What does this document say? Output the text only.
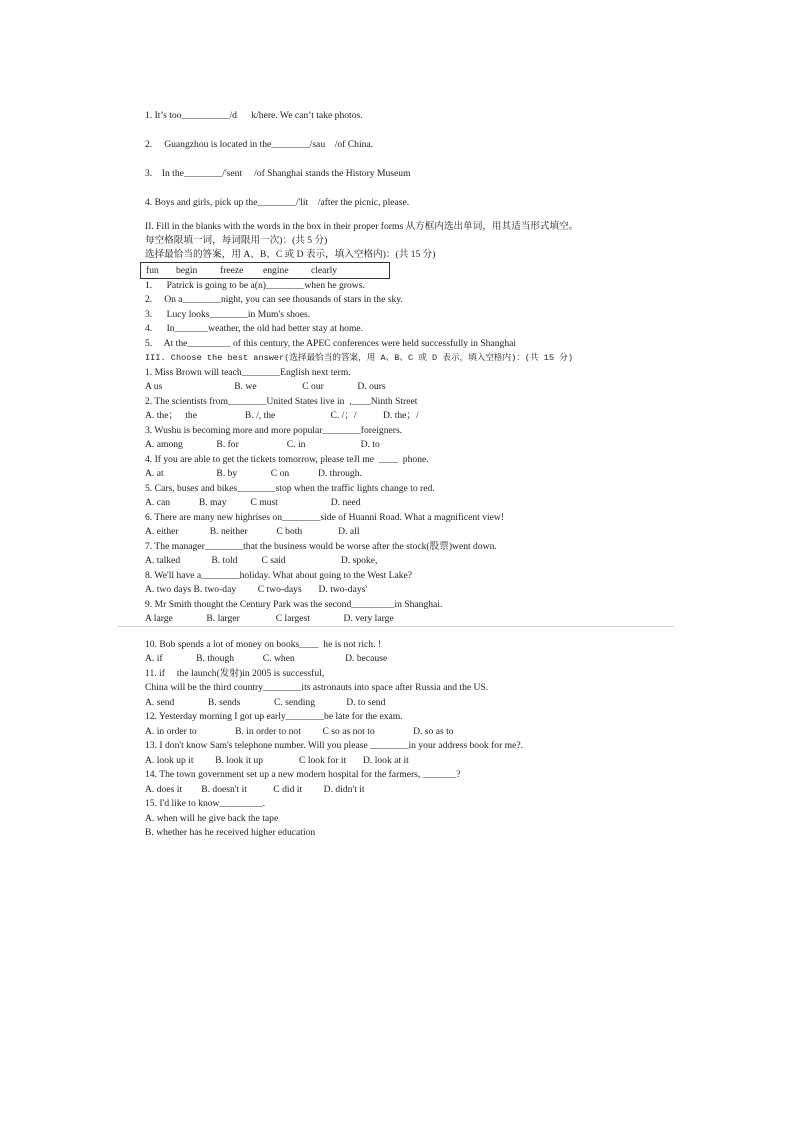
1. It’s too__________/d      k/here. We can’t take photos.
2.     Guangzhou is located in the________/sau    /of China.
3.    In the________/'sent     /of Shanghai stands the History Museum
4. Boys and girls, pick up the________/'lit    /after the picnic, please.
II. Fill in the blanks with the words in the box in their proper forms 从方框内选出单词，用其适当形式填空。
每空格限填一词，每词限用一次)：(共 5 分)
选择最恰当的答案，用 A、B、C 或 D 表示，填入空格内)：(共 15 分)
fun begin freeze engine clearly
1.      Patrick is going to be a(n)________when he grows.
2.     On a________night, you can see thousands of stars in the sky.
3.      Lucy looks________in Mum's shoes.
4.      In_______weather, the old had better stay at home.
5.     At the_________ of this century, the APEC conferences were held successfully in Shanghai
III. Choose the best answer(选择最恰当的答案，用 A、B、C 或 D 表示，填入空格内)：(共 15 分)
1. Miss Brown will teach________English next term.
A us                              B. we                   C our              D. ours
2. The scientists from________United States live in  ,____Ninth Street
A. the；   the                    B. /, the                       C. /；/           D. the；/
3. Wushu is becoming more and more popular________foreigners.
A. among              B. for                    C. in                       D. to
4. If you are able to get the tickets tomorrow, please teJl me  ____  phone.
A. at                      B. by              C on            D. through.
5. Cars, buses and bikes________stop when the traffic lights change to red.
A. can            B. may          C must                      D. need
6. There are many new highrises on________side of Huanni Road. What a magnificent view!
A. either             B. neither            C both               D. all
7. The manager________that the business would be worse after the stock(股票)went down.
A. talked             B. told          C said                       D. spoke,
8. We'll have a________holiday. What about going to the West Lake?
A. two days B. two-day         C two-days       D. two-days'
9. Mr Smith thought the Century Park was the second_________in Shanghai.
A large              B. larger               C largest              D. very large
10. Bob spends a lot of money on books____  he is not rich. !
A. if              B. though            C. when                     D. because
11. if     the launch(发射)in 2005 is successful,
China will be the third country________its astronauts into space after Russia and the US.
A. send              B. sends              C. sending             D. to send
12. Yesterday morning I got up early________be late for the exam.
A. in order to                B. in order to not         C so as not to                D. so as to
13. I don't know Sam's telephone number. Will you please ________in your address book for me?.
A. look up it         B. look it up               C look for it       D. look at it
14. The town government set up a new modern hospital for the farmers, _______?
A. does it        B. doesn't it           C did it         D. didn't it
15. I'd like to know_________.
A. when will he give back the tape
B. whether has he received higher education
